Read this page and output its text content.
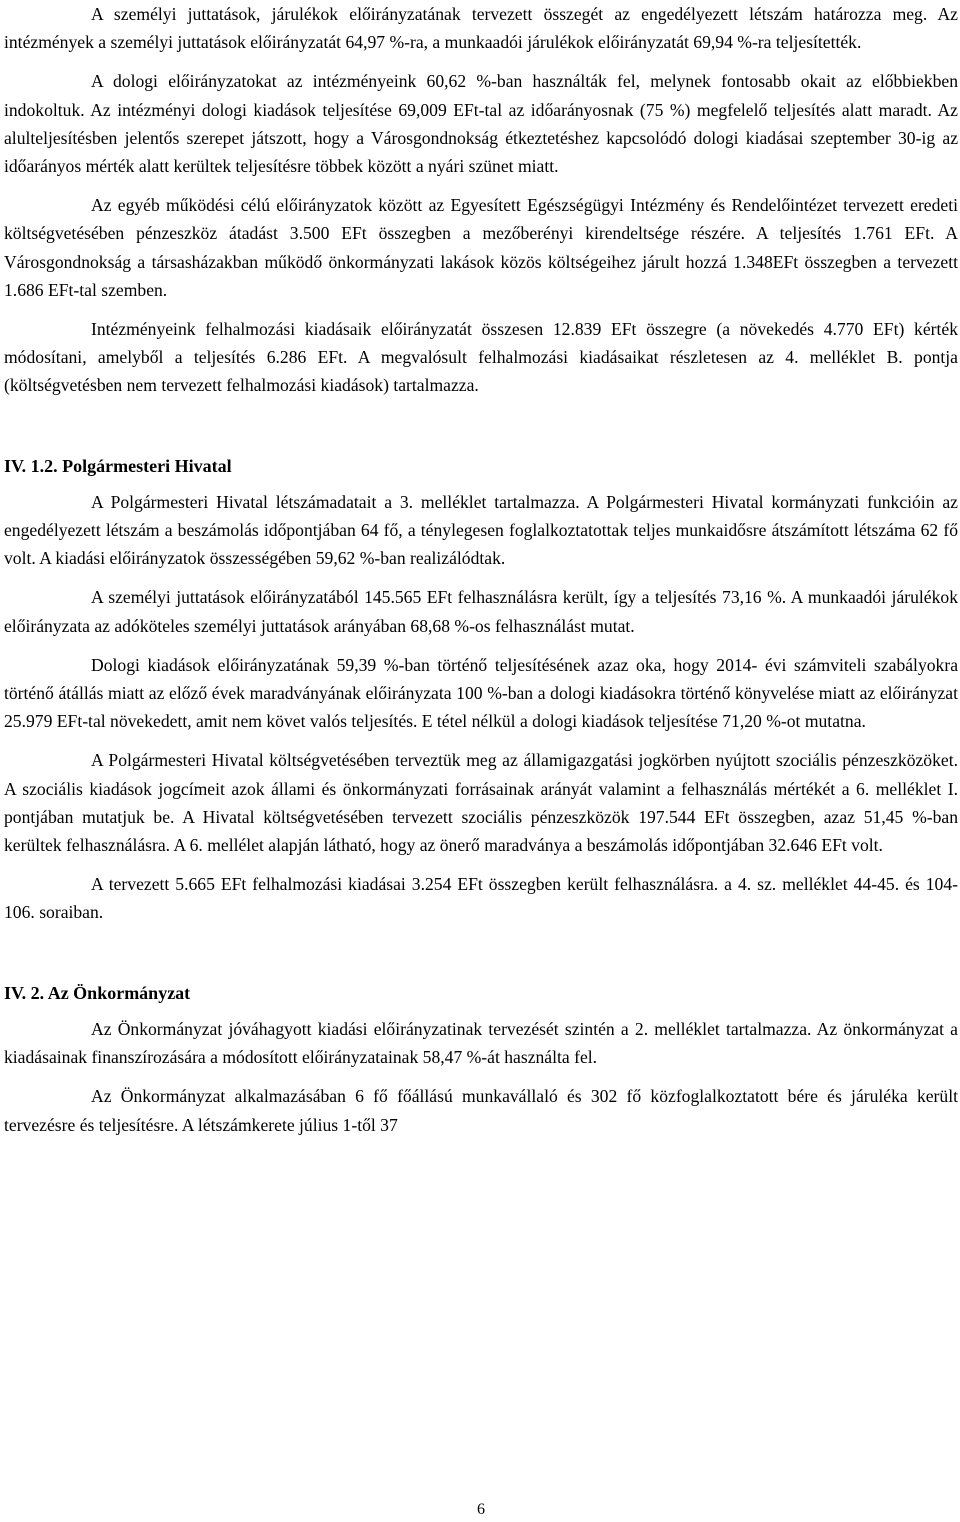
A személyi juttatások, járulékok előirányzatának tervezett összegét az engedélyezett létszám határozza meg. Az intézmények a személyi juttatások előirányzatát 64,97 %-ra, a munkaadói járulékok előirányzatát 69,94 %-ra teljesítették.

A dologi előirányzatokat az intézményeink 60,62 %-ban használták fel, melynek fontosabb okait az előbbiekben indokoltuk. Az intézményi dologi kiadások teljesítése 69,009 EFt-tal az időarányosnak (75 %) megfelelő teljesítés alatt maradt. Az alulteljesítésben jelentős szerepet játszott, hogy a Városgondnokság étkeztetéshez kapcsolódó dologi kiadásai szeptember 30-ig az időarányos mérték alatt kerültek teljesítésre többek között a nyári szünet miatt.

Az egyéb működési célú előirányzatok között az Egyesített Egészségügyi Intézmény és Rendelőintézet tervezett eredeti költségvetésében pénzeszköz átadást 3.500 EFt összegben a mezőberényi kirendeltsége részére. A teljesítés 1.761 EFt. A Városgondnokság a társasházakban működő önkormányzati lakások közös költségeihez járult hozzá 1.348EFt összegben a tervezett 1.686 EFt-tal szemben.

Intézményeink felhalmozási kiadásaik előirányzatát összesen 12.839 EFt összegre (a növekedés 4.770 EFt) kérték módosítani, amelyből a teljesítés 6.286 EFt. A megvalósult felhalmozási kiadásaikat részletesen az 4. melléklet B. pontja (költségvetésben nem tervezett felhalmozási kiadások) tartalmazza.

IV. 1.2. Polgármesteri Hivatal

A Polgármesteri Hivatal létszámadatait a 3. melléklet tartalmazza. A Polgármesteri Hivatal kormányzati funkcióin az engedélyezett létszám a beszámolás időpontjában 64 fő, a ténylegesen foglalkoztatottak teljes munkaidősre átszámított létszáma 62 fő volt. A kiadási előirányzatok összességében 59,62 %-ban realizálódtak.

A személyi juttatások előirányzatából 145.565 EFt felhasználásra került, így a teljesítés 73,16 %. A munkaadói járulékok előirányzata az adóköteles személyi juttatások arányában 68,68 %-os felhasználást mutat.

Dologi kiadások előirányzatának 59,39 %-ban történő teljesítésének azaz oka, hogy 2014- évi számviteli szabályokra történő átállás miatt az előző évek maradványának előirányzata 100 %-ban a dologi kiadásokra történő könyvelése miatt az előirányzat 25.979 EFt-tal növekedett, amit nem követ valós teljesítés. E tétel nélkül a dologi kiadások teljesítése 71,20 %-ot mutatna.

A Polgármesteri Hivatal költségvetésében terveztük meg az államigazgatási jogkörben nyújtott szociális pénzeszközöket. A szociális kiadások jogcímeit azok állami és önkormányzati forrásainak arányát valamint a felhasználás mértékét a 6. melléklet I. pontjában mutatjuk be. A Hivatal költségvetésében tervezett szociális pénzeszközök 197.544 EFt összegben, azaz 51,45 %-ban kerültek felhasználásra. A 6. mellélet alapján látható, hogy az önerő maradványa a beszámolás időpontjában 32.646 EFt volt.

A tervezett 5.665 EFt felhalmozási kiadásai 3.254 EFt összegben került felhasználásra. a 4. sz. melléklet 44-45. és 104-106. soraiban.

IV. 2. Az Önkormányzat

Az Önkormányzat jóváhagyott kiadási előirányzatinak tervezését szintén a 2. melléklet tartalmazza. Az önkormányzat a kiadásainak finanszírozására a módosított előirányzatainak 58,47 %-át használta fel.

Az Önkormányzat alkalmazásában 6 fő főállású munkavállaló és 302 fő közfoglalkoztatott bére és járuléka került tervezésre és teljesítésre. A létszámkerete július 1-től 37

6
